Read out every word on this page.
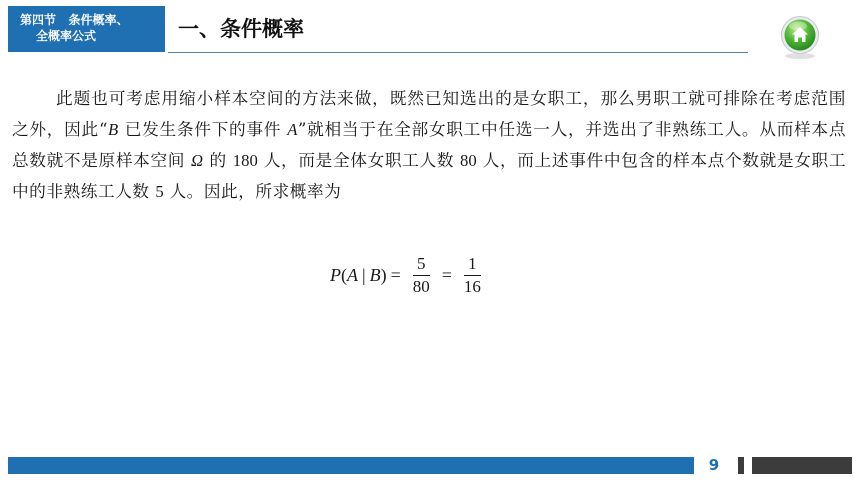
第四节   条件概率、
全概率公式	一、条件概率

此题也可考虑用缩小样本空间的方法来做，既然已知选出的是女职工，那么男职工就可排除在考虑范围之外，因此“B 已发生条件下的事件 A”就相当于在全部女职工中任选一人，并选出了非熟练工人。从而样本点总数就不是原样本空间 Ω 的 180 人，而是全体女职工人数 80 人，而上述事件中包含的样本点个数就是女职工中的非熟练工人数 5 人。因此，所求概率为

P ( A | B ) = $\frac{5}{80} = \frac{1}{16}$
9
